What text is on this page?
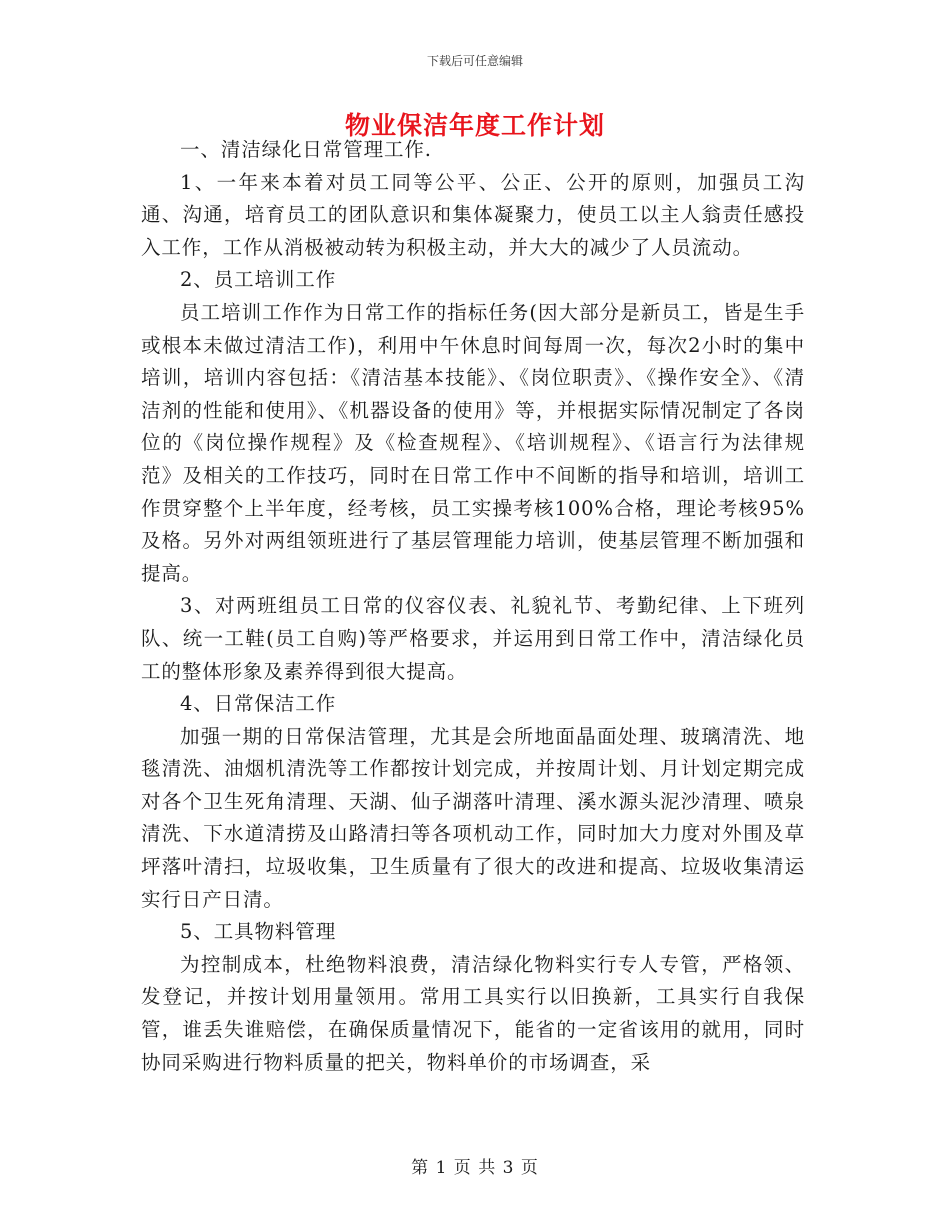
下载后可任意编辑
物业保洁年度工作计划

一、清洁绿化日常管理工作.

1、一年来本着对员工同等公平、公正、公开的原则，加强员工沟通、沟通，培育员工的团队意识和集体凝聚力，使员工以主人翁责任感投入工作，工作从消极被动转为积极主动，并大大的减少了人员流动。

2、员工培训工作

员工培训工作作为日常工作的指标任务(因大部分是新员工，皆是生手或根本未做过清洁工作)，利用中午休息时间每周一次，每次2小时的集中培训，培训内容包括：《清洁基本技能》、《岗位职责》、《操作安全》、《清洁剂的性能和使用》、《机器设备的使用》等，并根据实际情况制定了各岗位的《岗位操作规程》及《检查规程》、《培训规程》、《语言行为法律规范》及相关的工作技巧，同时在日常工作中不间断的指导和培训，培训工作贯穿整个上半年度，经考核，员工实操考核100%合格，理论考核95%及格。另外对两组领班进行了基层管理能力培训，使基层管理不断加强和提高。

3、对两班组员工日常的仪容仪表、礼貌礼节、考勤纪律、上下班列队、统一工鞋(员工自购)等严格要求，并运用到日常工作中，清洁绿化员工的整体形象及素养得到很大提高。

4、日常保洁工作

加强一期的日常保洁管理，尤其是会所地面晶面处理、玻璃清洗、地毯清洗、油烟机清洗等工作都按计划完成，并按周计划、月计划定期完成对各个卫生死角清理、天湖、仙子湖落叶清理、溪水源头泥沙清理、喷泉清洗、下水道清捞及山路清扫等各项机动工作，同时加大力度对外围及草坪落叶清扫，垃圾收集，卫生质量有了很大的改进和提高、垃圾收集清运实行日产日清。

5、工具物料管理

为控制成本，杜绝物料浪费，清洁绿化物料实行专人专管，严格领、发登记，并按计划用量领用。常用工具实行以旧换新，工具实行自我保管，谁丢失谁赔偿，在确保质量情况下，能省的一定省该用的就用，同时协同采购进行物料质量的把关，物料单价的市场调查，采

第 1 页 共 3 页
